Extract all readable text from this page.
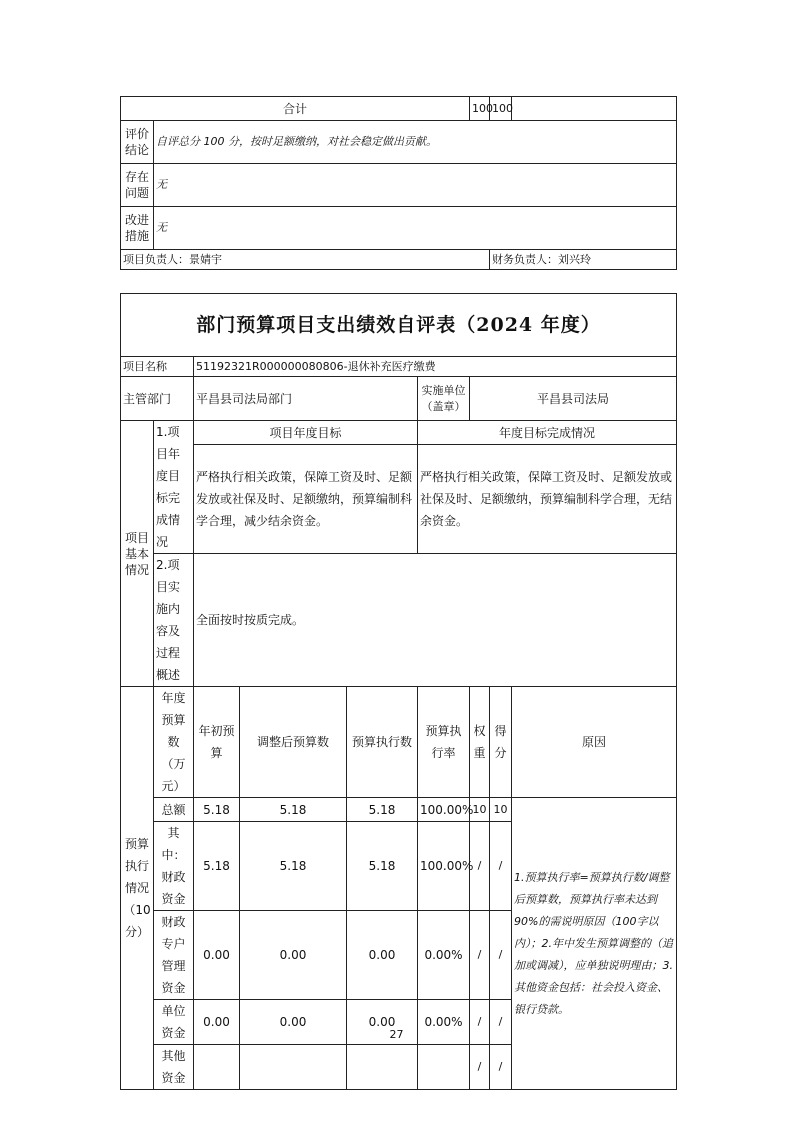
合计		100	100	
评价结论	自评总分 100 分，按时足额缴纳，对社会稳定做出贡献。			
存在问题	无			
改进措施	无			
项目负责人：景婧宇			财务负责人：刘兴玲	
部门预算项目支出绩效自评表（2024 年度）								
项目名称		51192321R000000080806-退休补充医疗缴费						
主管部门		平昌县司法局部门			实施单位（盖章）	平昌县司法局		
项目基本情况	1.项目年度目标完成情况	项目年度目标			年度目标完成情况			
		严格执行相关政策，保障工资及时、足额发放或社保及时、足额缴纳，预算编制科学合理，减少结余资金。			严格执行相关政策，保障工资及时、足额发放或社保及时、足额缴纳，预算编制科学合理，无结余资金。			
	2.项目实施内容及过程概述	全面按时按质完成。						

预算执行情况（10分）	年度预算数（万元）	年初预算	调整后预算数	预算执行数	预算执行率	权重	得分	原因
	总额	5.18	5.18	5.18	100.00%	10	10	1.预算执行率=预算执行数/调整后预算数，预算执行率未达到90%的需说明原因（100字以内）；2.年中发生预算调整的（追加或调减），应单独说明理由；3.其他资金包括：社会投入资金、银行贷款。
	其中：财政资金	5.18	5.18	5.18	100.00%	/	/	
	财政专户管理资金	0.00	0.00	0.00	0.00%	/	/	
	单位资金	0.00	0.00	0.00	0.00%	/	/	
	其他资金					/	/	
27
